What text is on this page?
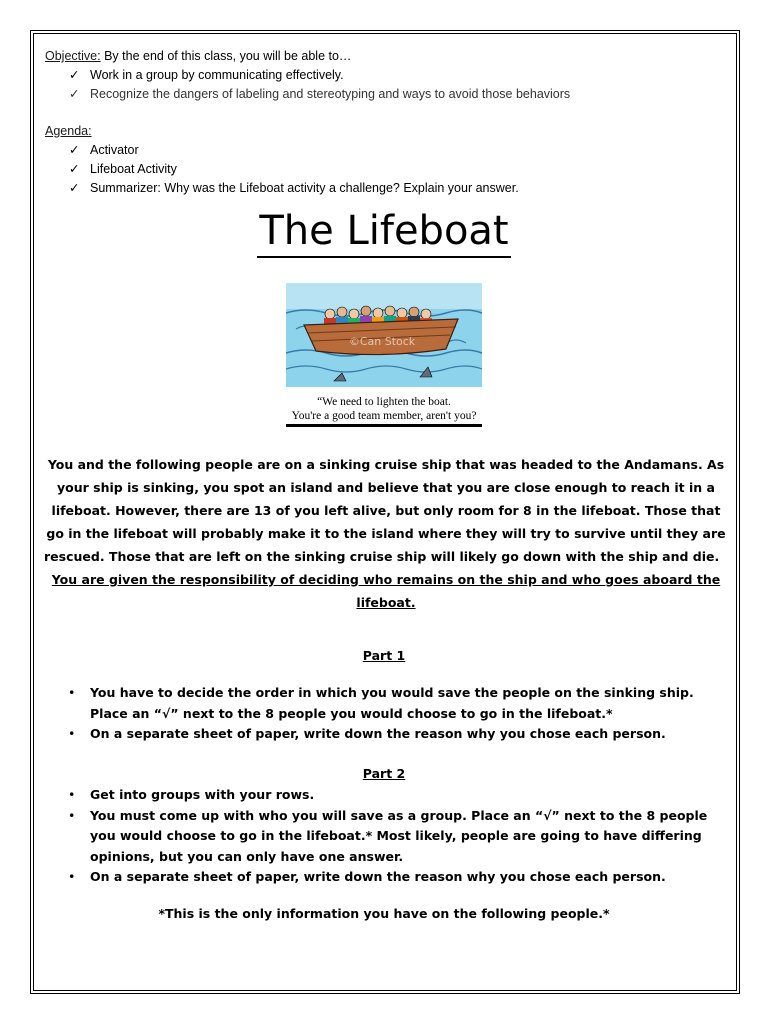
Objective: By the end of this class, you will be able to…
✓ Work in a group by communicating effectively.
✓ Recognize the dangers of labeling and stereotyping and ways to avoid those behaviors
Agenda:
✓ Activator
✓ Lifeboat Activity
✓ Summarizer: Why was the Lifeboat activity a challenge? Explain your answer.
The Lifeboat
©Can Stock
“We need to lighten the boat.
You're a good team member, aren't you?
You and the following people are on a sinking cruise ship that was headed to the Andamans. As your ship is sinking, you spot an island and believe that you are close enough to reach it in a lifeboat. However, there are 13 of you left alive, but only room for 8 in the lifeboat. Those that go in the lifeboat will probably make it to the island where they will try to survive until they are rescued. Those that are left on the sinking cruise ship will likely go down with the ship and die.   You are given the responsibility of deciding who remains on the ship and who goes aboard the lifeboat.
Part 1
• You have to decide the order in which you would save the people on the sinking ship. Place an “√” next to the 8 people you would choose to go in the lifeboat.*
• On a separate sheet of paper, write down the reason why you chose each person.
Part 2
• Get into groups with your rows.
• You must come up with who you will save as a group. Place an “√” next to the 8 people you would choose to go in the lifeboat.* Most likely, people are going to have differing opinions, but you can only have one answer.
• On a separate sheet of paper, write down the reason why you chose each person.
*This is the only information you have on the following people.*
